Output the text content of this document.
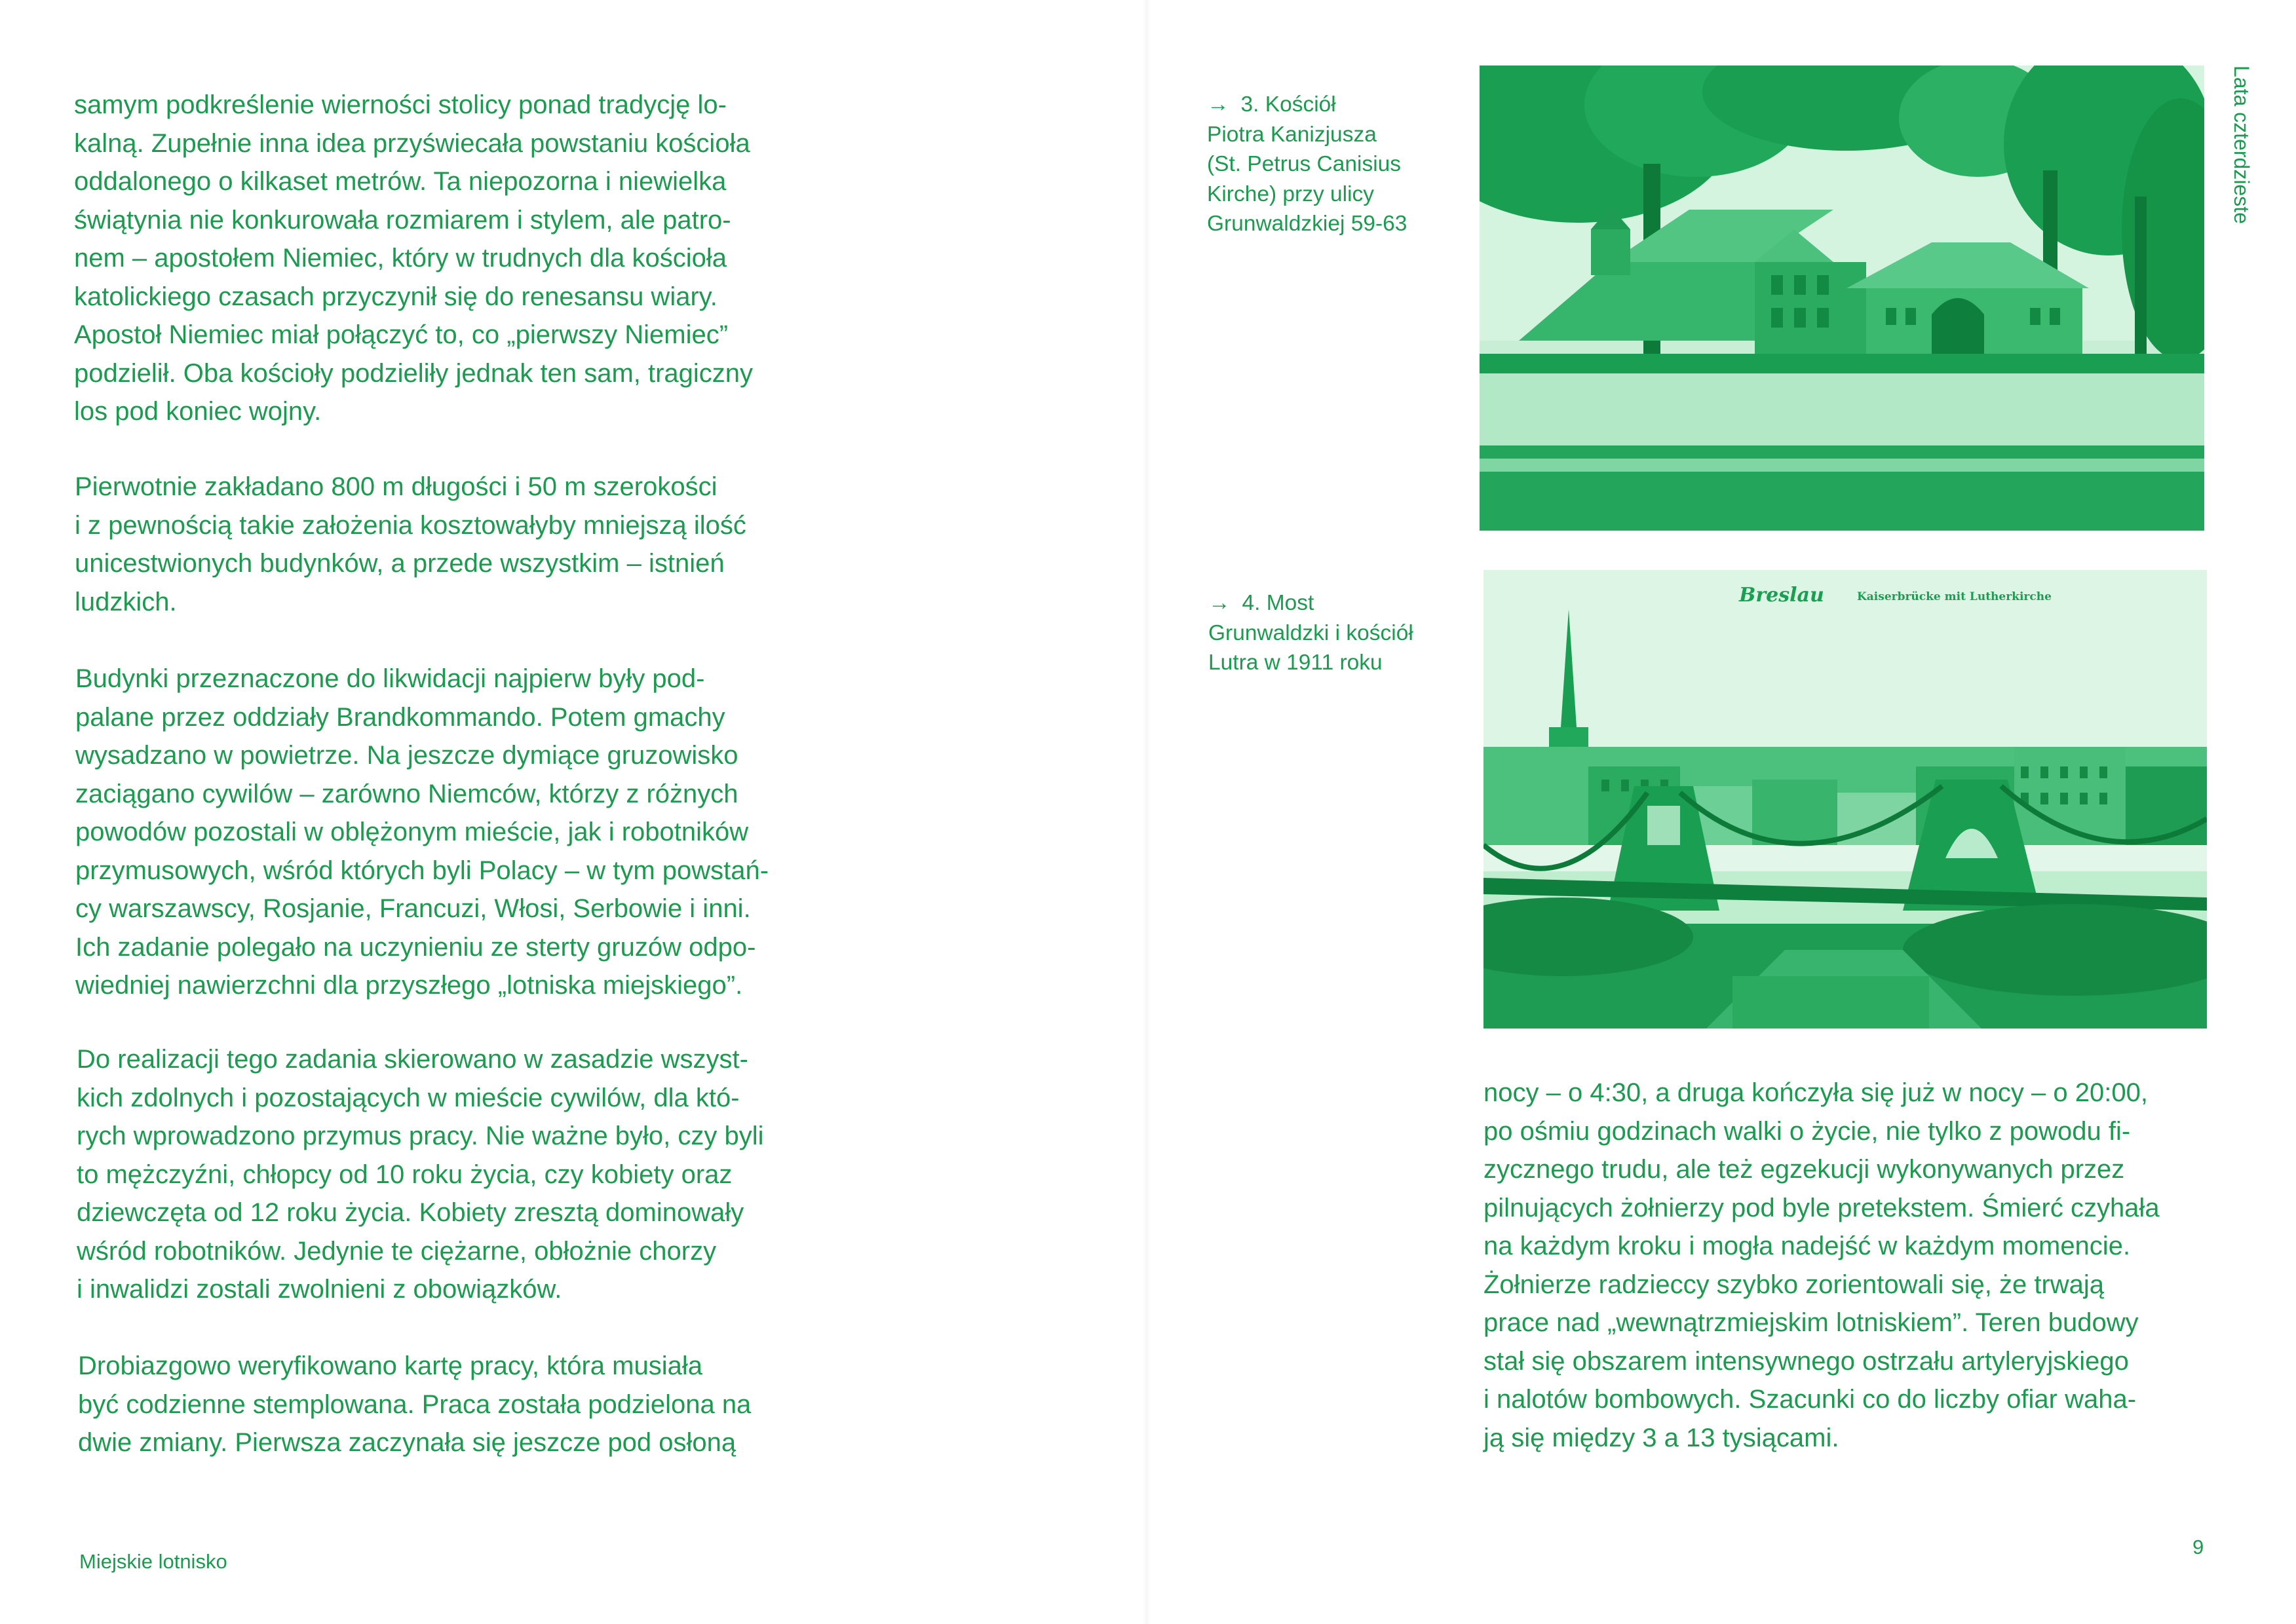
samym podkreślenie wierności stolicy ponad tradycję lo-
kalną. Zupełnie inna idea przyświecała powstaniu kościoła
oddalonego o kilkaset metrów. Ta niepozorna i niewielka
świątynia nie konkurowała rozmiarem i stylem, ale patro-
nem – apostołem Niemiec, który w trudnych dla kościoła
katolickiego czasach przyczynił się do renesansu wiary.
Apostoł Niemiec miał połączyć to, co „pierwszy Niemiec”
podzielił. Oba kościoły podzieliły jednak ten sam, tragiczny
los pod koniec wojny.

Pierwotnie zakładano 800 m długości i 50 m szerokości
i z pewnością takie założenia kosztowałyby mniejszą ilość
unicestwionych budynków, a przede wszystkim – istnień
ludzkich.

Budynki przeznaczone do likwidacji najpierw były pod-
palane przez oddziały Brandkommando. Potem gmachy
wysadzano w powietrze. Na jeszcze dymiące gruzowisko
zaciągano cywilów – zarówno Niemców, którzy z różnych
powodów pozostali w oblężonym mieście, jak i robotników
przymusowych, wśród których byli Polacy – w tym powstań-
cy warszawscy, Rosjanie, Francuzi, Włosi, Serbowie i inni.
Ich zadanie polegało na uczynieniu ze sterty gruzów odpo-
wiedniej nawierzchni dla przyszłego „lotniska miejskiego”.

Do realizacji tego zadania skierowano w zasadzie wszyst-
kich zdolnych i pozostających w mieście cywilów, dla któ-
rych wprowadzono przymus pracy. Nie ważne było, czy byli
to mężczyźni, chłopcy od 10 roku życia, czy kobiety oraz
dziewczęta od 12 roku życia. Kobiety zresztą dominowały
wśród robotników. Jedynie te ciężarne, obłożnie chorzy
i inwalidzi zostali zwolnieni z obowiązków.

Drobiazgowo weryfikowano kartę pracy, która musiała
być codzienne stemplowana. Praca została podzielona na
dwie zmiany. Pierwsza zaczynała się jeszcze pod osłoną

Miejskie lotnisko
Lata czterdzieste

→ 3. Kościół
Piotra Kanizjusza
(St. Petrus Canisius
Kirche) przy ulicy
Grunwaldzkiej 59-63

→ 4. Most
Grunwaldzki i kościół
Lutra w 1911 roku

Breslau	Kaiserbrücke mit Lutherkirche

nocy – o 4:30, a druga kończyła się już w nocy – o 20:00,
po ośmiu godzinach walki o życie, nie tylko z powodu fi-
zycznego trudu, ale też egzekucji wykonywanych przez
pilnujących żołnierzy pod byle pretekstem. Śmierć czyhała
na każdym kroku i mogła nadejść w każdym momencie.
Żołnierze radzieccy szybko zorientowali się, że trwają
prace nad „wewnątrzmiejskim lotniskiem”. Teren budowy
stał się obszarem intensywnego ostrzału artyleryjskiego
i nalotów bombowych. Szacunki co do liczby ofiar waha-
ją się między 3 a 13 tysiącami.

9
